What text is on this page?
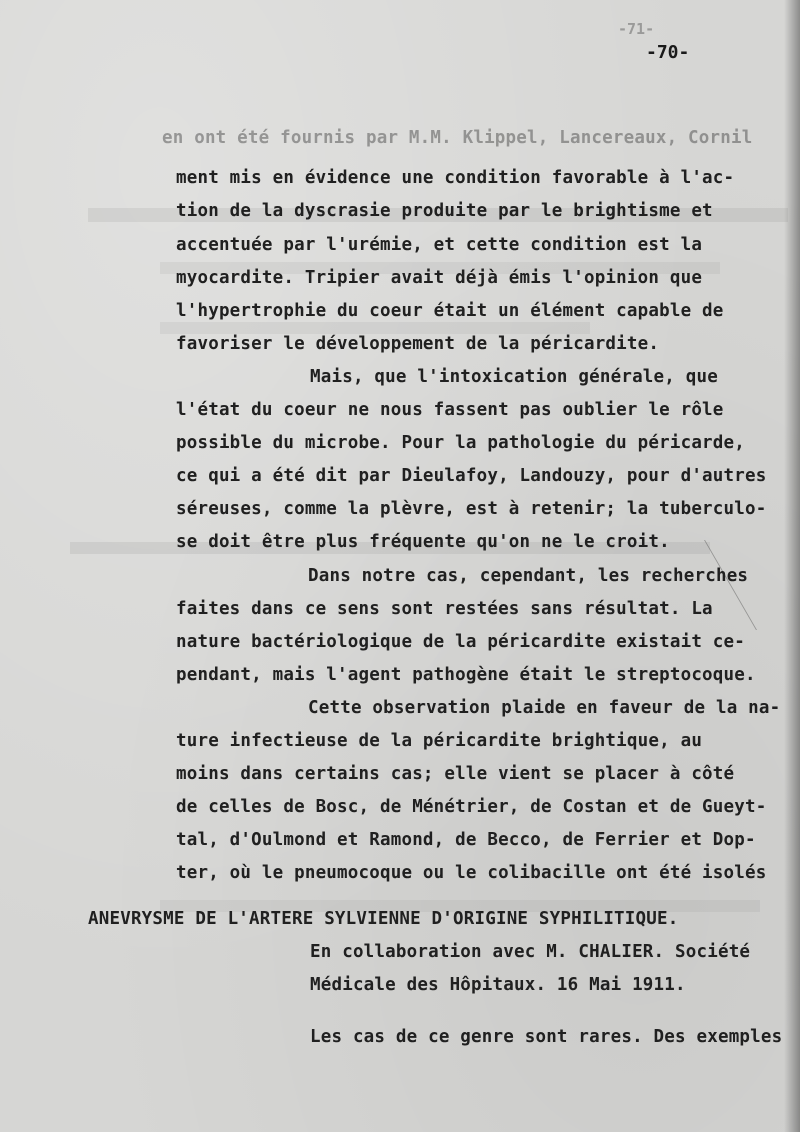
-71-
-70-
en ont été fournis par M.M. Klippel, Lancereaux, Cornil
ment mis en évidence une condition favorable à l'ac-
tion de la dyscrasie produite par le brightisme et
accentuée par l'urémie, et cette condition est la
myocardite. Tripier avait déjà émis l'opinion que
l'hypertrophie du coeur était un élément capable de
favoriser le développement de la péricardite.
Mais, que l'intoxication générale, que
l'état du coeur ne nous fassent pas oublier le rôle
possible du microbe. Pour la pathologie du péricarde,
ce qui a été dit par Dieulafoy, Landouzy, pour d'autres
séreuses, comme la plèvre, est à retenir; la tuberculo-
se doit être plus fréquente qu'on ne le croit.
Dans notre cas, cependant, les recherches
faites dans ce sens sont restées sans résultat. La
nature bactériologique de la péricardite existait ce-
pendant, mais l'agent pathogène était le streptocoque.
Cette observation plaide en faveur de la na-
ture infectieuse de la péricardite brightique, au
moins dans certains cas; elle vient se placer à côté
de celles de Bosc, de Ménétrier, de Costan et de Gueyt-
tal, d'Oulmond et Ramond, de Becco, de Ferrier et Dop-
ter, où le pneumocoque ou le colibacille ont été isolés
ANEVRYSME DE L'ARTERE SYLVIENNE D'ORIGINE SYPHILITIQUE.
En collaboration avec M. CHALIER. Société
Médicale des Hôpitaux. 16 Mai 1911.
Les cas de ce genre sont rares. Des exemples
